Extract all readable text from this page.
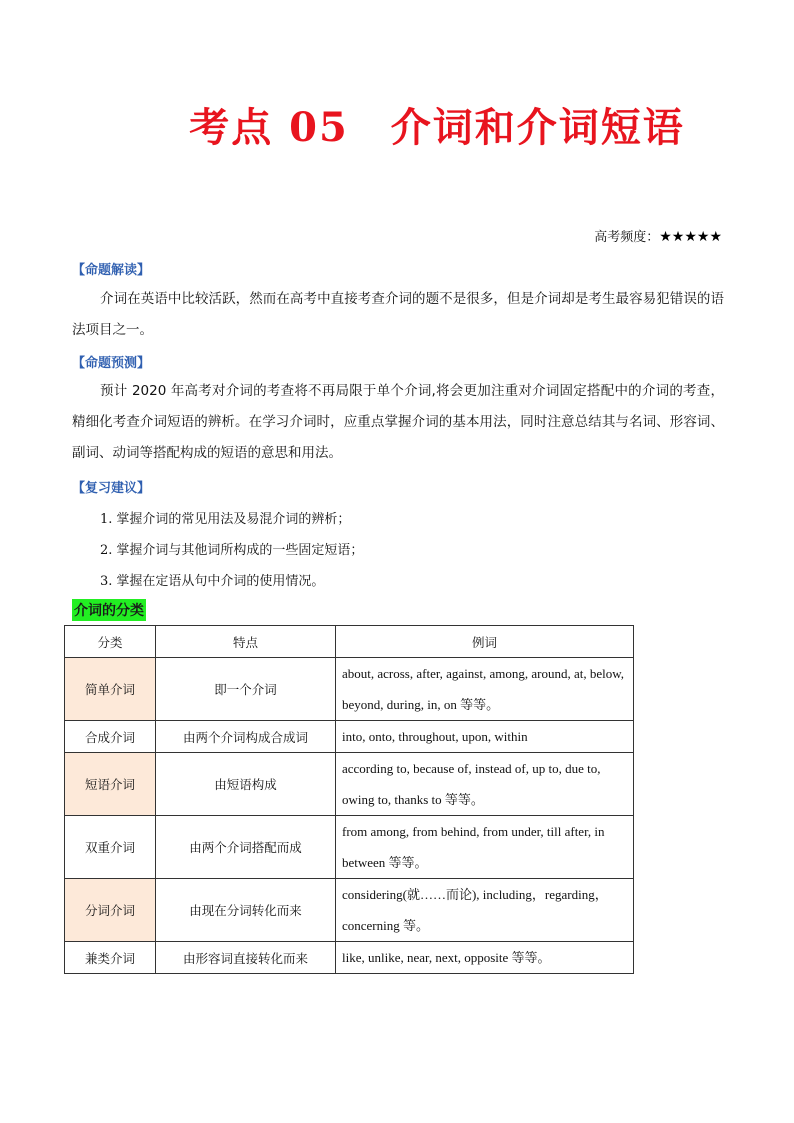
考点 05 介词和介词短语
高考频度：★★★★★
【命题解读】
介词在英语中比较活跃，然而在高考中直接考查介词的题不是很多，但是介词却是考生最容易犯错误的语法项目之一。
【命题预测】
预计 2020 年高考对介词的考查将不再局限于单个介词,将会更加注重对介词固定搭配中的介词的考查，精细化考查介词短语的辨析。在学习介词时，应重点掌握介词的基本用法，同时注意总结其与名词、形容词、副词、动词等搭配构成的短语的意思和用法。
【复习建议】
1. 掌握介词的常见用法及易混介词的辨析；
2. 掌握介词与其他词所构成的一些固定短语；
3. 掌握在定语从句中介词的使用情况。
介词的分类
分类	特点	例词
简单介词	即一个介词	about, across, after, against, among, around, at, below, beyond, during, in, on 等等。
合成介词	由两个介词构成合成词	into, onto, throughout, upon, within
短语介词	由短语构成	according to, because of, instead of, up to, due to, owing to, thanks to 等等。
双重介词	由两个介词搭配而成	from among, from behind, from under, till after, in between 等等。
分词介词	由现在分词转化而来	considering(就……而论), including，regarding，concerning 等。
兼类介词	由形容词直接转化而来	like, unlike, near, next, opposite 等等。
